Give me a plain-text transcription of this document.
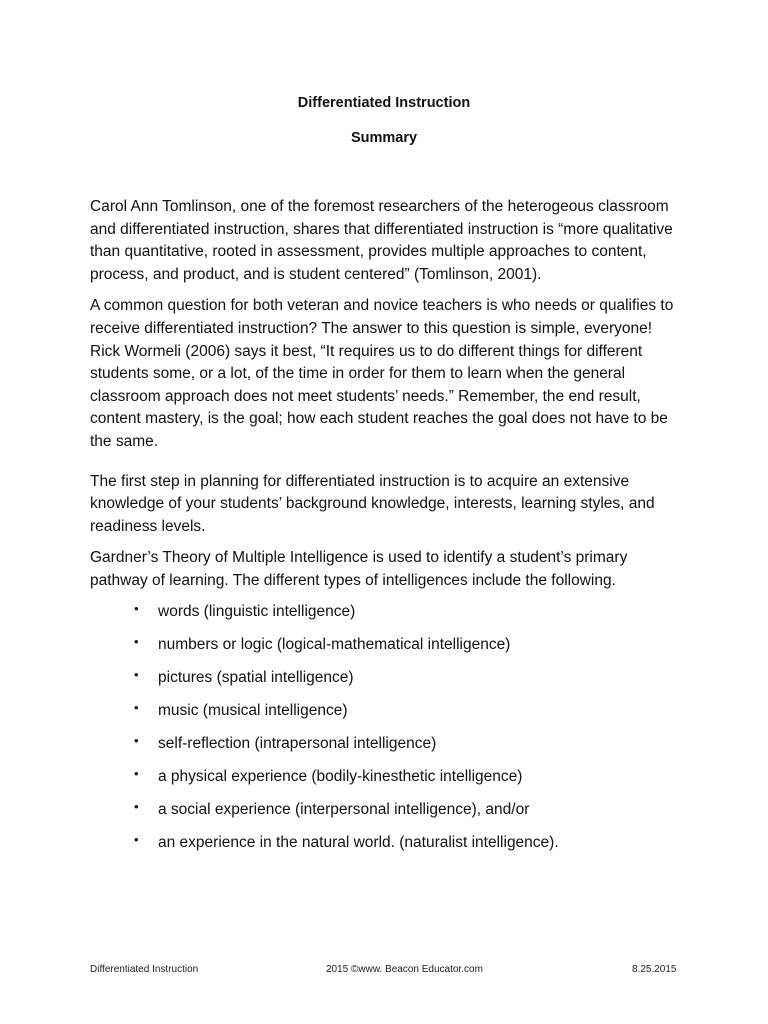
Differentiated Instruction
Summary

Carol Ann Tomlinson, one of the foremost researchers of the heterogeous classroom and differentiated instruction, shares that differentiated instruction is “more qualitative than quantitative, rooted in assessment, provides multiple approaches to content, process, and product, and is student centered” (Tomlinson, 2001).

A common question for both veteran and novice teachers is who needs or qualifies to receive differentiated instruction? The answer to this question is simple, everyone! Rick Wormeli (2006) says it best, “It requires us to do different things for different students some, or a lot, of the time in order for them to learn when the general classroom approach does not meet students’ needs.” Remember, the end result, content mastery, is the goal; how each student reaches the goal does not have to be the same.

The first step in planning for differentiated instruction is to acquire an extensive knowledge of your students’ background knowledge, interests, learning styles, and readiness levels.

Gardner’s Theory of Multiple Intelligence is used to identify a student’s primary pathway of learning. The different types of intelligences include the following.

• words (linguistic intelligence)
• numbers or logic (logical-mathematical intelligence)
• pictures (spatial intelligence)
• music (musical intelligence)
• self-reflection (intrapersonal intelligence)
• a physical experience (bodily-kinesthetic intelligence)
• a social experience (interpersonal intelligence), and/or
• an experience in the natural world. (naturalist intelligence).
Differentiated Instruction	2015 ©www. Beacon Educator.com	8.25.2015
